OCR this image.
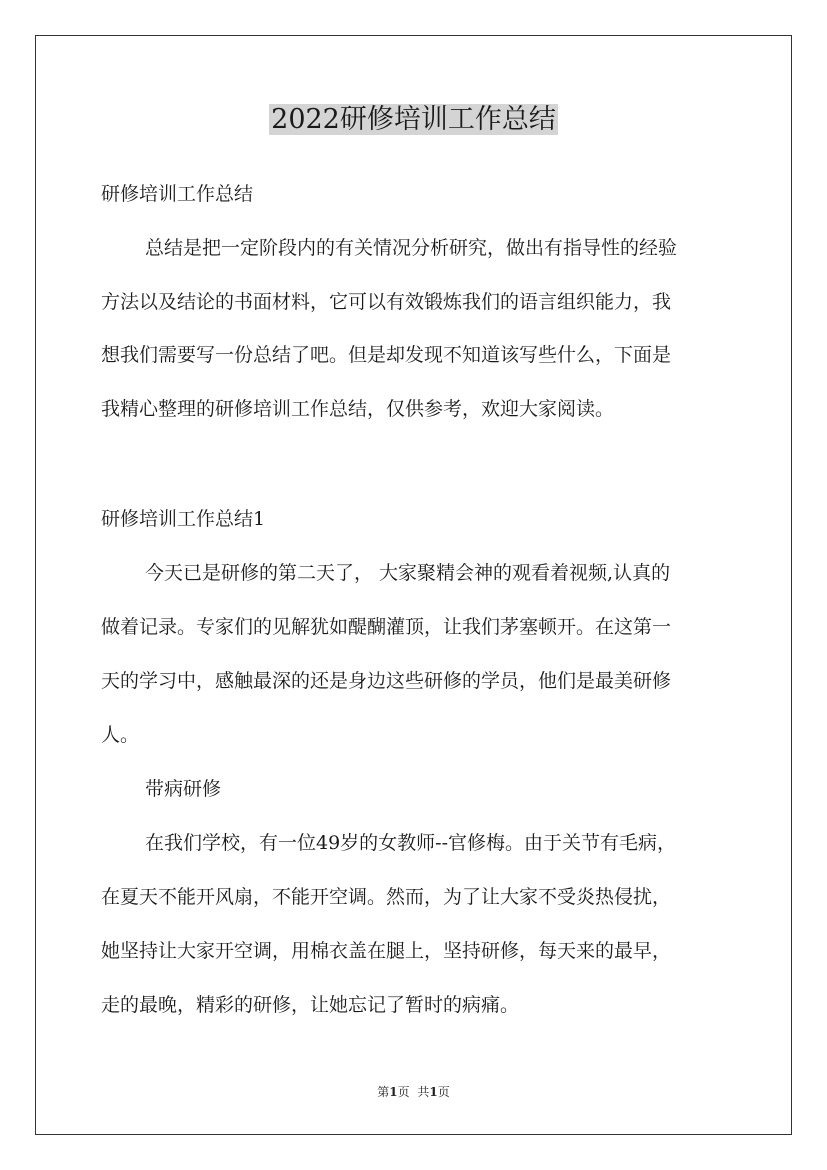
2022研修培训工作总结
研修培训工作总结
总结是把一定阶段内的有关情况分析研究，做出有指导性的经验
方法以及结论的书面材料，它可以有效锻炼我们的语言组织能力，我
想我们需要写一份总结了吧。但是却发现不知道该写些什么，下面是
我精心整理的研修培训工作总结，仅供参考，欢迎大家阅读。
研修培训工作总结1
今天已是研修的第二天了， 大家聚精会神的观看着视频,认真的
做着记录。专家们的见解犹如醍醐灌顶，让我们茅塞顿开。在这第一
天的学习中，感触最深的还是身边这些研修的学员，他们是最美研修
人。
带病研修
在我们学校，有一位49岁的女教师--官修梅。由于关节有毛病，
在夏天不能开风扇，不能开空调。然而，为了让大家不受炎热侵扰，
她坚持让大家开空调，用棉衣盖在腿上，坚持研修，每天来的最早，
走的最晚，精彩的研修，让她忘记了暂时的病痛。
第1页 共1页
